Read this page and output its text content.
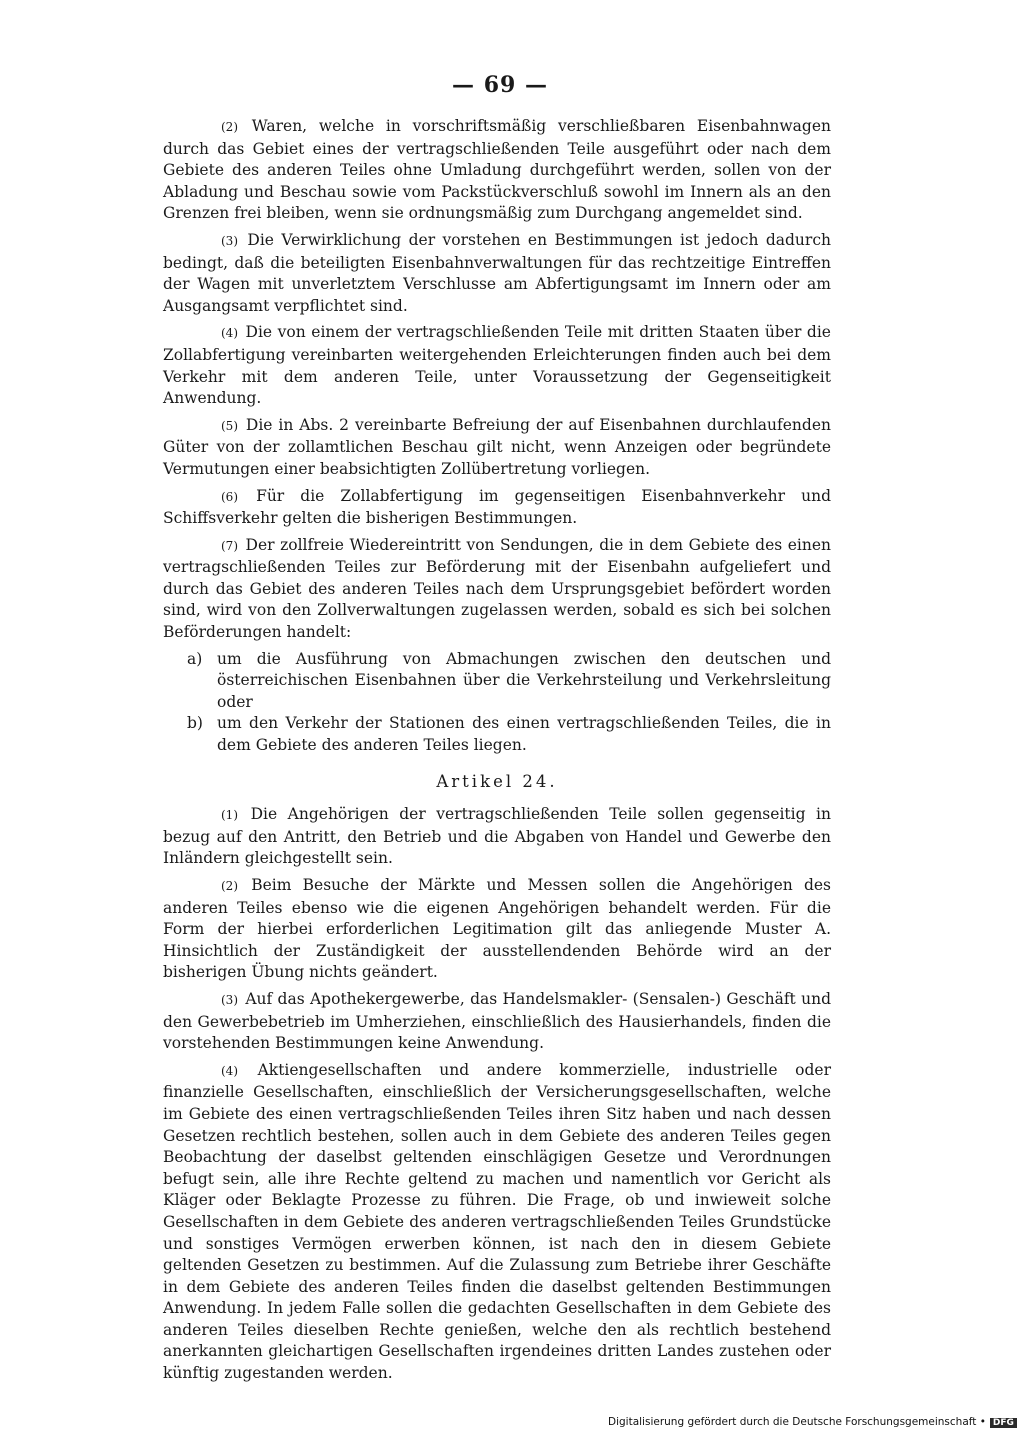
— 69 —

(2) Waren, welche in vorschriftsmäßig verschließbaren Eisenbahnwagen durch das Gebiet eines der vertragschließenden Teile ausgeführt oder nach dem Gebiete des anderen Teiles ohne Umladung durchgeführt werden, sollen von der Abladung und Beschau sowie vom Packstückverschluß sowohl im Innern als an den Grenzen frei bleiben, wenn sie ordnungsmäßig zum Durchgang angemeldet sind.

(3) Die Verwirklichung der vorstehen en Bestimmungen ist jedoch dadurch bedingt, daß die beteiligten Eisenbahnverwaltungen für das rechtzeitige Eintreffen der Wagen mit unverletztem Verschlusse am Abfertigungsamt im Innern oder am Ausgangsamt verpflichtet sind.

(4) Die von einem der vertragschließenden Teile mit dritten Staaten über die Zollabfertigung vereinbarten weitergehenden Erleichterungen finden auch bei dem Verkehr mit dem anderen Teile, unter Voraussetzung der Gegenseitigkeit Anwendung.

(5) Die in Abs. 2 vereinbarte Befreiung der auf Eisenbahnen durchlaufenden Güter von der zollamtlichen Beschau gilt nicht, wenn Anzeigen oder begründete Vermutungen einer beabsichtigten Zollübertretung vorliegen.

(6) Für die Zollabfertigung im gegenseitigen Eisenbahnverkehr und Schiffsverkehr gelten die bisherigen Bestimmungen.

(7) Der zollfreie Wiedereintritt von Sendungen, die in dem Gebiete des einen vertragschließenden Teiles zur Beförderung mit der Eisenbahn aufgeliefert und durch das Gebiet des anderen Teiles nach dem Ursprungsgebiet befördert worden sind, wird von den Zollverwaltungen zugelassen werden, sobald es sich bei solchen Beförderungen handelt:

a) um die Ausführung von Abmachungen zwischen den deutschen und österreichischen Eisenbahnen über die Verkehrsteilung und Verkehrsleitung oder
b) um den Verkehr der Stationen des einen vertragschließenden Teiles, die in dem Gebiete des anderen Teiles liegen.
Artikel 24.

(1) Die Angehörigen der vertragschließenden Teile sollen gegenseitig in bezug auf den Antritt, den Betrieb und die Abgaben von Handel und Gewerbe den Inländern gleichgestellt sein.

(2) Beim Besuche der Märkte und Messen sollen die Angehörigen des anderen Teiles ebenso wie die eigenen Angehörigen behandelt werden. Für die Form der hierbei erforderlichen Legitimation gilt das anliegende Muster A. Hinsichtlich der Zuständigkeit der ausstellendenden Behörde wird an der bisherigen Übung nichts geändert.

(3) Auf das Apothekergewerbe, das Handelsmakler- (Sensalen-) Geschäft und den Gewerbebetrieb im Umherziehen, einschließlich des Hausierhandels, finden die vorstehenden Bestimmungen keine Anwendung.

(4) Aktiengesellschaften und andere kommerzielle, industrielle oder finanzielle Gesellschaften, einschließlich der Versicherungsgesellschaften, welche im Gebiete des einen vertragschließenden Teiles ihren Sitz haben und nach dessen Gesetzen rechtlich bestehen, sollen auch in dem Gebiete des anderen Teiles gegen Beobachtung der daselbst geltenden einschlägigen Gesetze und Verordnungen befugt sein, alle ihre Rechte geltend zu machen und namentlich vor Gericht als Kläger oder Beklagte Prozesse zu führen. Die Frage, ob und inwieweit solche Gesellschaften in dem Gebiete des anderen vertragschließenden Teiles Grundstücke und sonstiges Vermögen erwerben können, ist nach den in diesem Gebiete geltenden Gesetzen zu bestimmen. Auf die Zulassung zum Betriebe ihrer Geschäfte in dem Gebiete des anderen Teiles finden die daselbst geltenden Bestimmungen Anwendung. In jedem Falle sollen die gedachten Gesellschaften in dem Gebiete des anderen Teiles dieselben Rechte genießen, welche den als rechtlich bestehend anerkannten gleichartigen Gesellschaften irgendeines dritten Landes zustehen oder künftig zugestanden werden.

Digitalisierung gefördert durch die Deutsche Forschungsgemeinschaft • DFG
